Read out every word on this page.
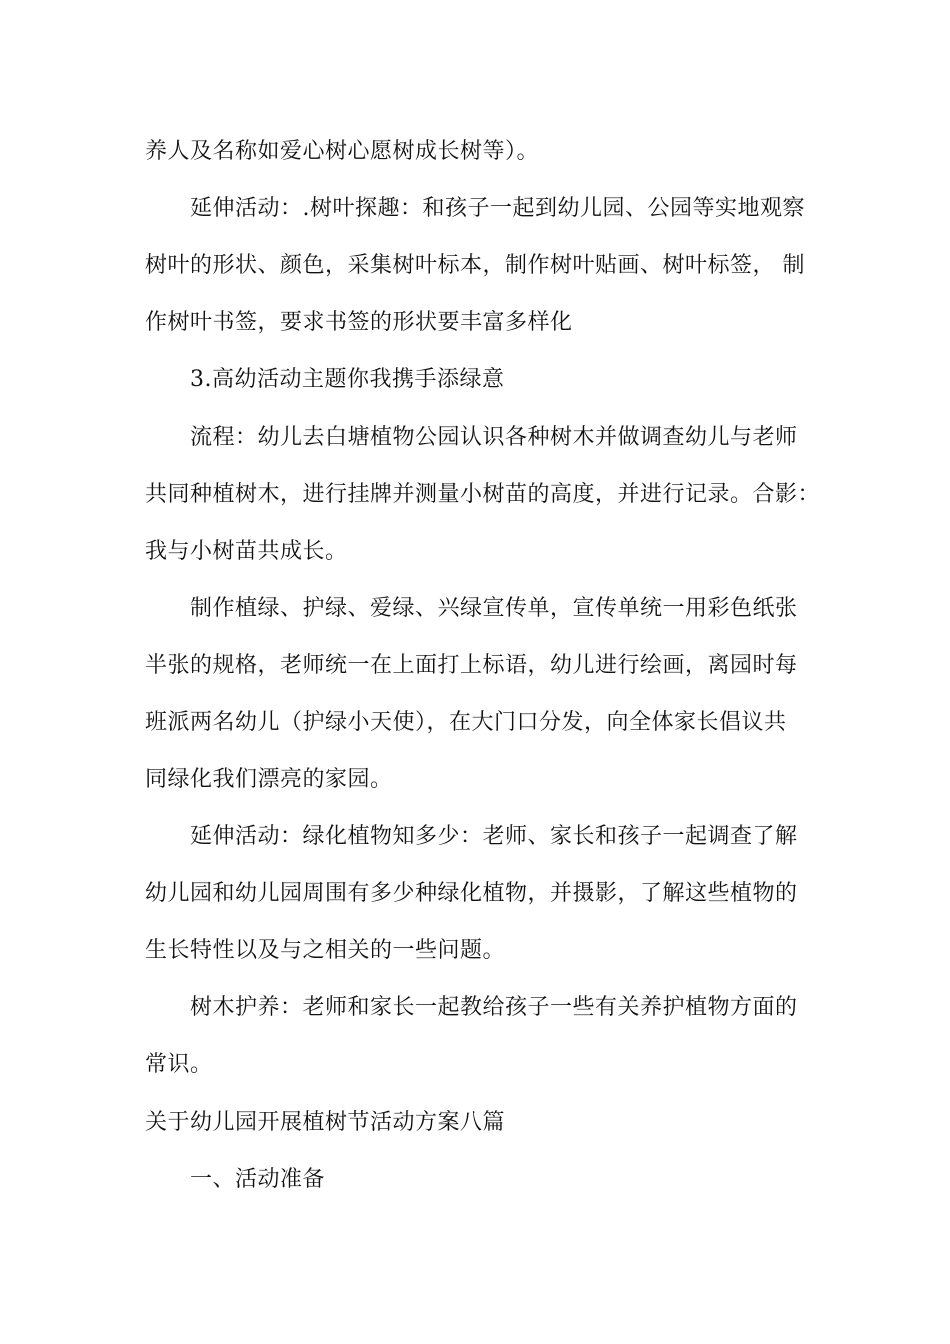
养人及名称如爱心树心愿树成长树等）。
延伸活动：.树叶探趣：和孩子一起到幼儿园、公园等实地观察
树叶的形状、颜色，采集树叶标本，制作树叶贴画、树叶标签， 制
作树叶书签，要求书签的形状要丰富多样化
3.高幼活动主题你我携手添绿意
流程：幼儿去白塘植物公园认识各种树木并做调查幼儿与老师
共同种植树木，进行挂牌并测量小树苗的高度，并进行记录。合影：
我与小树苗共成长。
制作植绿、护绿、爱绿、兴绿宣传单，宣传单统一用彩色纸张
半张的规格，老师统一在上面打上标语，幼儿进行绘画，离园时每
班派两名幼儿（护绿小天使），在大门口分发，向全体家长倡议共
同绿化我们漂亮的家园。
延伸活动：绿化植物知多少：老师、家长和孩子一起调查了解
幼儿园和幼儿园周围有多少种绿化植物，并摄影，了解这些植物的
生长特性以及与之相关的一些问题。
树木护养：老师和家长一起教给孩子一些有关养护植物方面的
常识。
关于幼儿园开展植树节活动方案八篇
一、活动准备
